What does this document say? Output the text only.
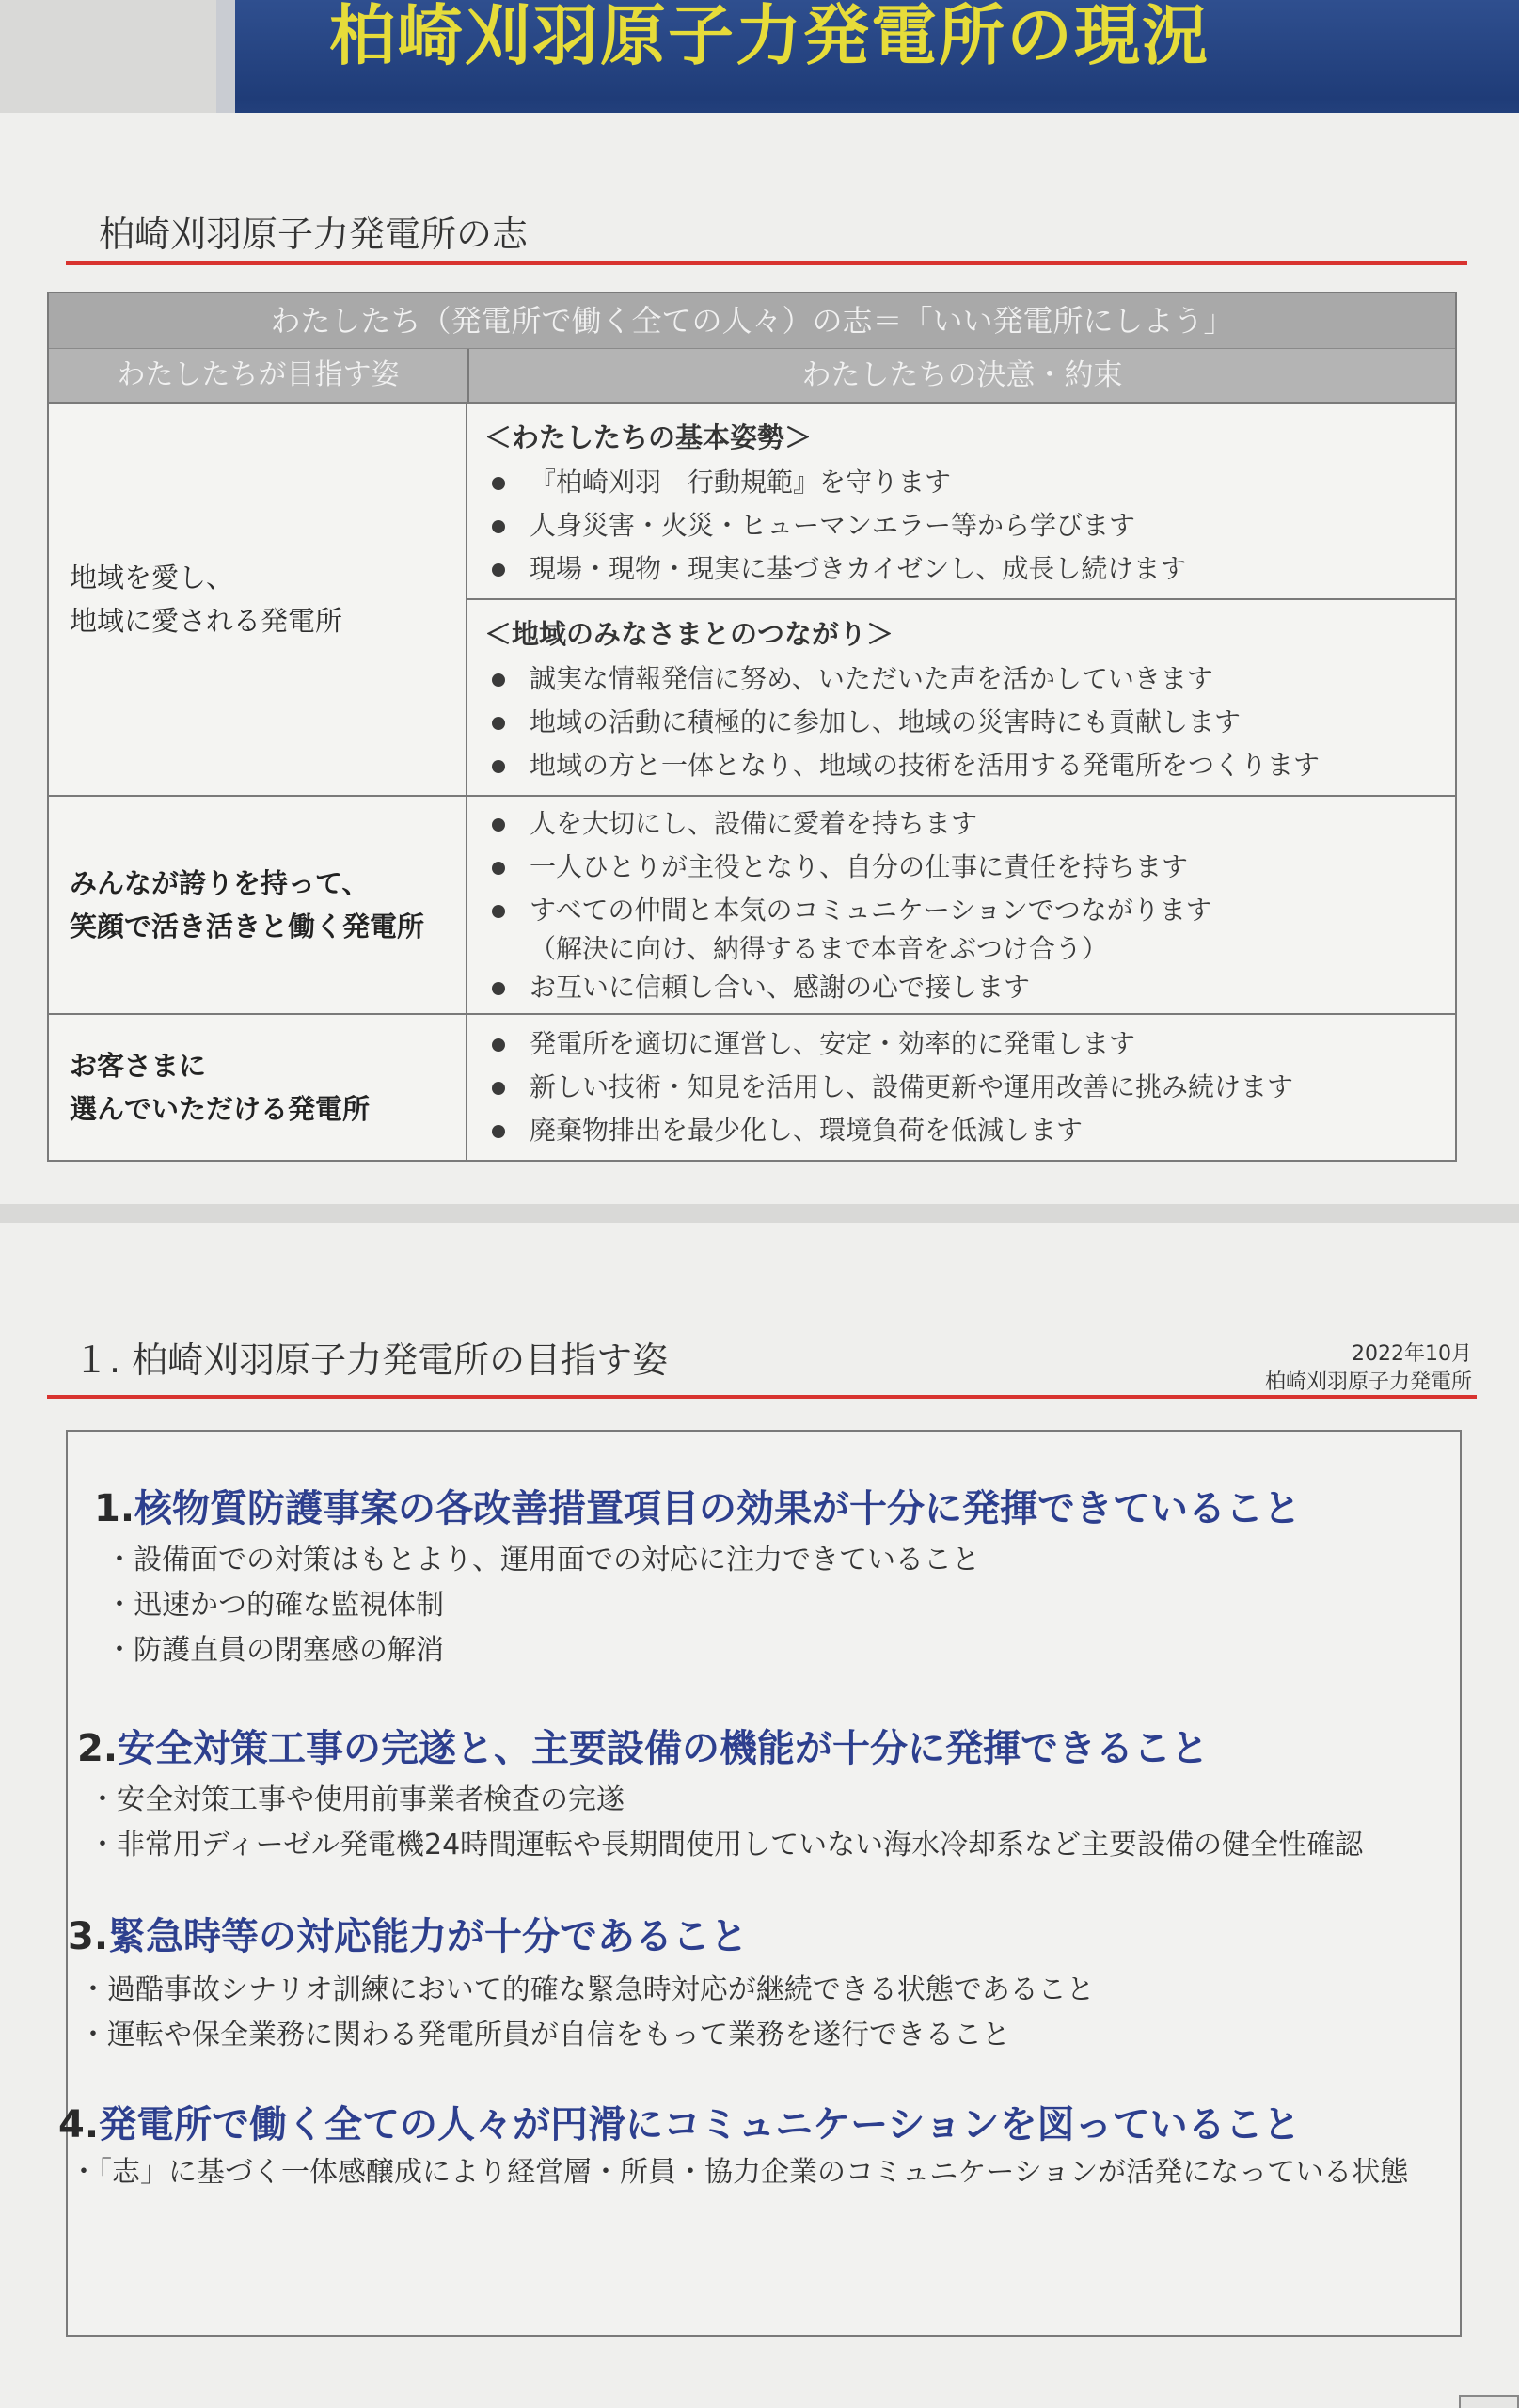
柏崎刈羽原子力発電所の現況
柏崎刈羽原子力発電所の志
わたしたち（発電所で働く全ての人々）の志＝「いい発電所にしよう」
わたしたちが目指す姿	わたしたちの決意・約束
地域を愛し、
地域に愛される発電所
＜わたしたちの基本姿勢＞
『柏崎刈羽　行動規範』を守ります
人身災害・火災・ヒューマンエラー等から学びます
現場・現物・現実に基づきカイゼンし、成長し続けます
＜地域のみなさまとのつながり＞
誠実な情報発信に努め、いただいた声を活かしていきます
地域の活動に積極的に参加し、地域の災害時にも貢献します
地域の方と一体となり、地域の技術を活用する発電所をつくります
みんなが誇りを持って、
笑顔で活き活きと働く発電所
人を大切にし、設備に愛着を持ちます
一人ひとりが主役となり、自分の仕事に責任を持ちます
すべての仲間と本気のコミュニケーションでつながります
（解決に向け、納得するまで本音をぶつけ合う）
お互いに信頼し合い、感謝の心で接します
お客さまに
選んでいただける発電所
発電所を適切に運営し、安定・効率的に発電します
新しい技術・知見を活用し、設備更新や運用改善に挑み続けます
廃棄物排出を最少化し、環境負荷を低減します
１. 柏崎刈羽原子力発電所の目指す姿	2022年10月
柏崎刈羽原子力発電所
1.核物質防護事案の各改善措置項目の効果が十分に発揮できていること
・設備面での対策はもとより、運用面での対応に注力できていること
・迅速かつ的確な監視体制
・防護直員の閉塞感の解消
2.安全対策工事の完遂と、主要設備の機能が十分に発揮できること
・安全対策工事や使用前事業者検査の完遂
・非常用ディーゼル発電機24時間運転や長期間使用していない海水冷却系など主要設備の健全性確認
3.緊急時等の対応能力が十分であること
・過酷事故シナリオ訓練において的確な緊急時対応が継続できる状態であること
・運転や保全業務に関わる発電所員が自信をもって業務を遂行できること
4.発電所で働く全ての人々が円滑にコミュニケーションを図っていること
・「志」に基づく一体感醸成により経営層・所員・協力企業のコミュニケーションが活発になっている状態
